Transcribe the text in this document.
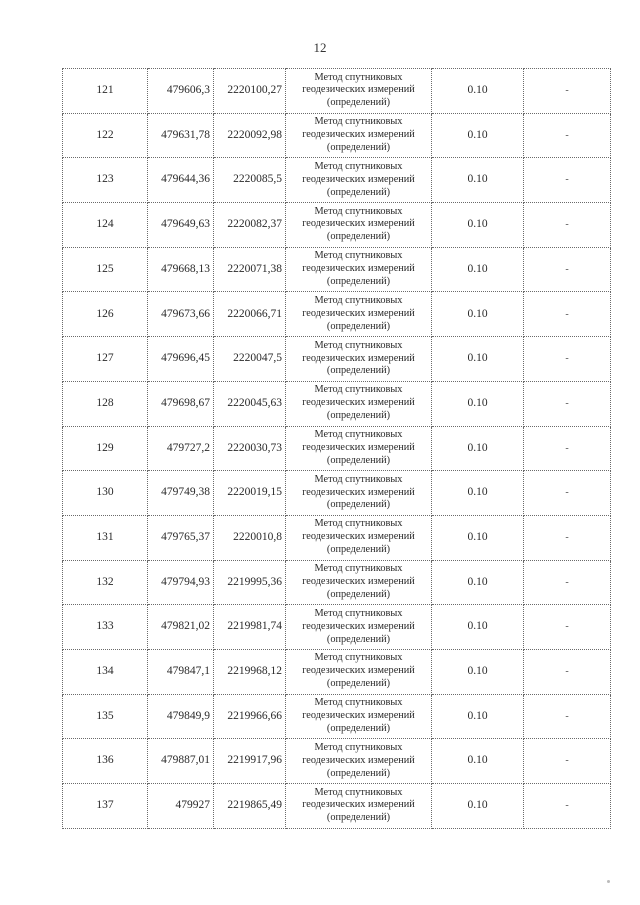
12
121	479606,3	2220100,27	Метод спутниковых
геодезических измерений
(определений)	0.10	-
122	479631,78	2220092,98	Метод спутниковых
геодезических измерений
(определений)	0.10	-
123	479644,36	2220085,5	Метод спутниковых
геодезических измерений
(определений)	0.10	-
124	479649,63	2220082,37	Метод спутниковых
геодезических измерений
(определений)	0.10	-
125	479668,13	2220071,38	Метод спутниковых
геодезических измерений
(определений)	0.10	-
126	479673,66	2220066,71	Метод спутниковых
геодезических измерений
(определений)	0.10	-
127	479696,45	2220047,5	Метод спутниковых
геодезических измерений
(определений)	0.10	-
128	479698,67	2220045,63	Метод спутниковых
геодезических измерений
(определений)	0.10	-
129	479727,2	2220030,73	Метод спутниковых
геодезических измерений
(определений)	0.10	-
130	479749,38	2220019,15	Метод спутниковых
геодезических измерений
(определений)	0.10	-
131	479765,37	2220010,8	Метод спутниковых
геодезических измерений
(определений)	0.10	-
132	479794,93	2219995,36	Метод спутниковых
геодезических измерений
(определений)	0.10	-
133	479821,02	2219981,74	Метод спутниковых
геодезических измерений
(определений)	0.10	-
134	479847,1	2219968,12	Метод спутниковых
геодезических измерений
(определений)	0.10	-
135	479849,9	2219966,66	Метод спутниковых
геодезических измерений
(определений)	0.10	-
136	479887,01	2219917,96	Метод спутниковых
геодезических измерений
(определений)	0.10	-
137	479927	2219865,49	Метод спутниковых
геодезических измерений
(определений)	0.10	-
